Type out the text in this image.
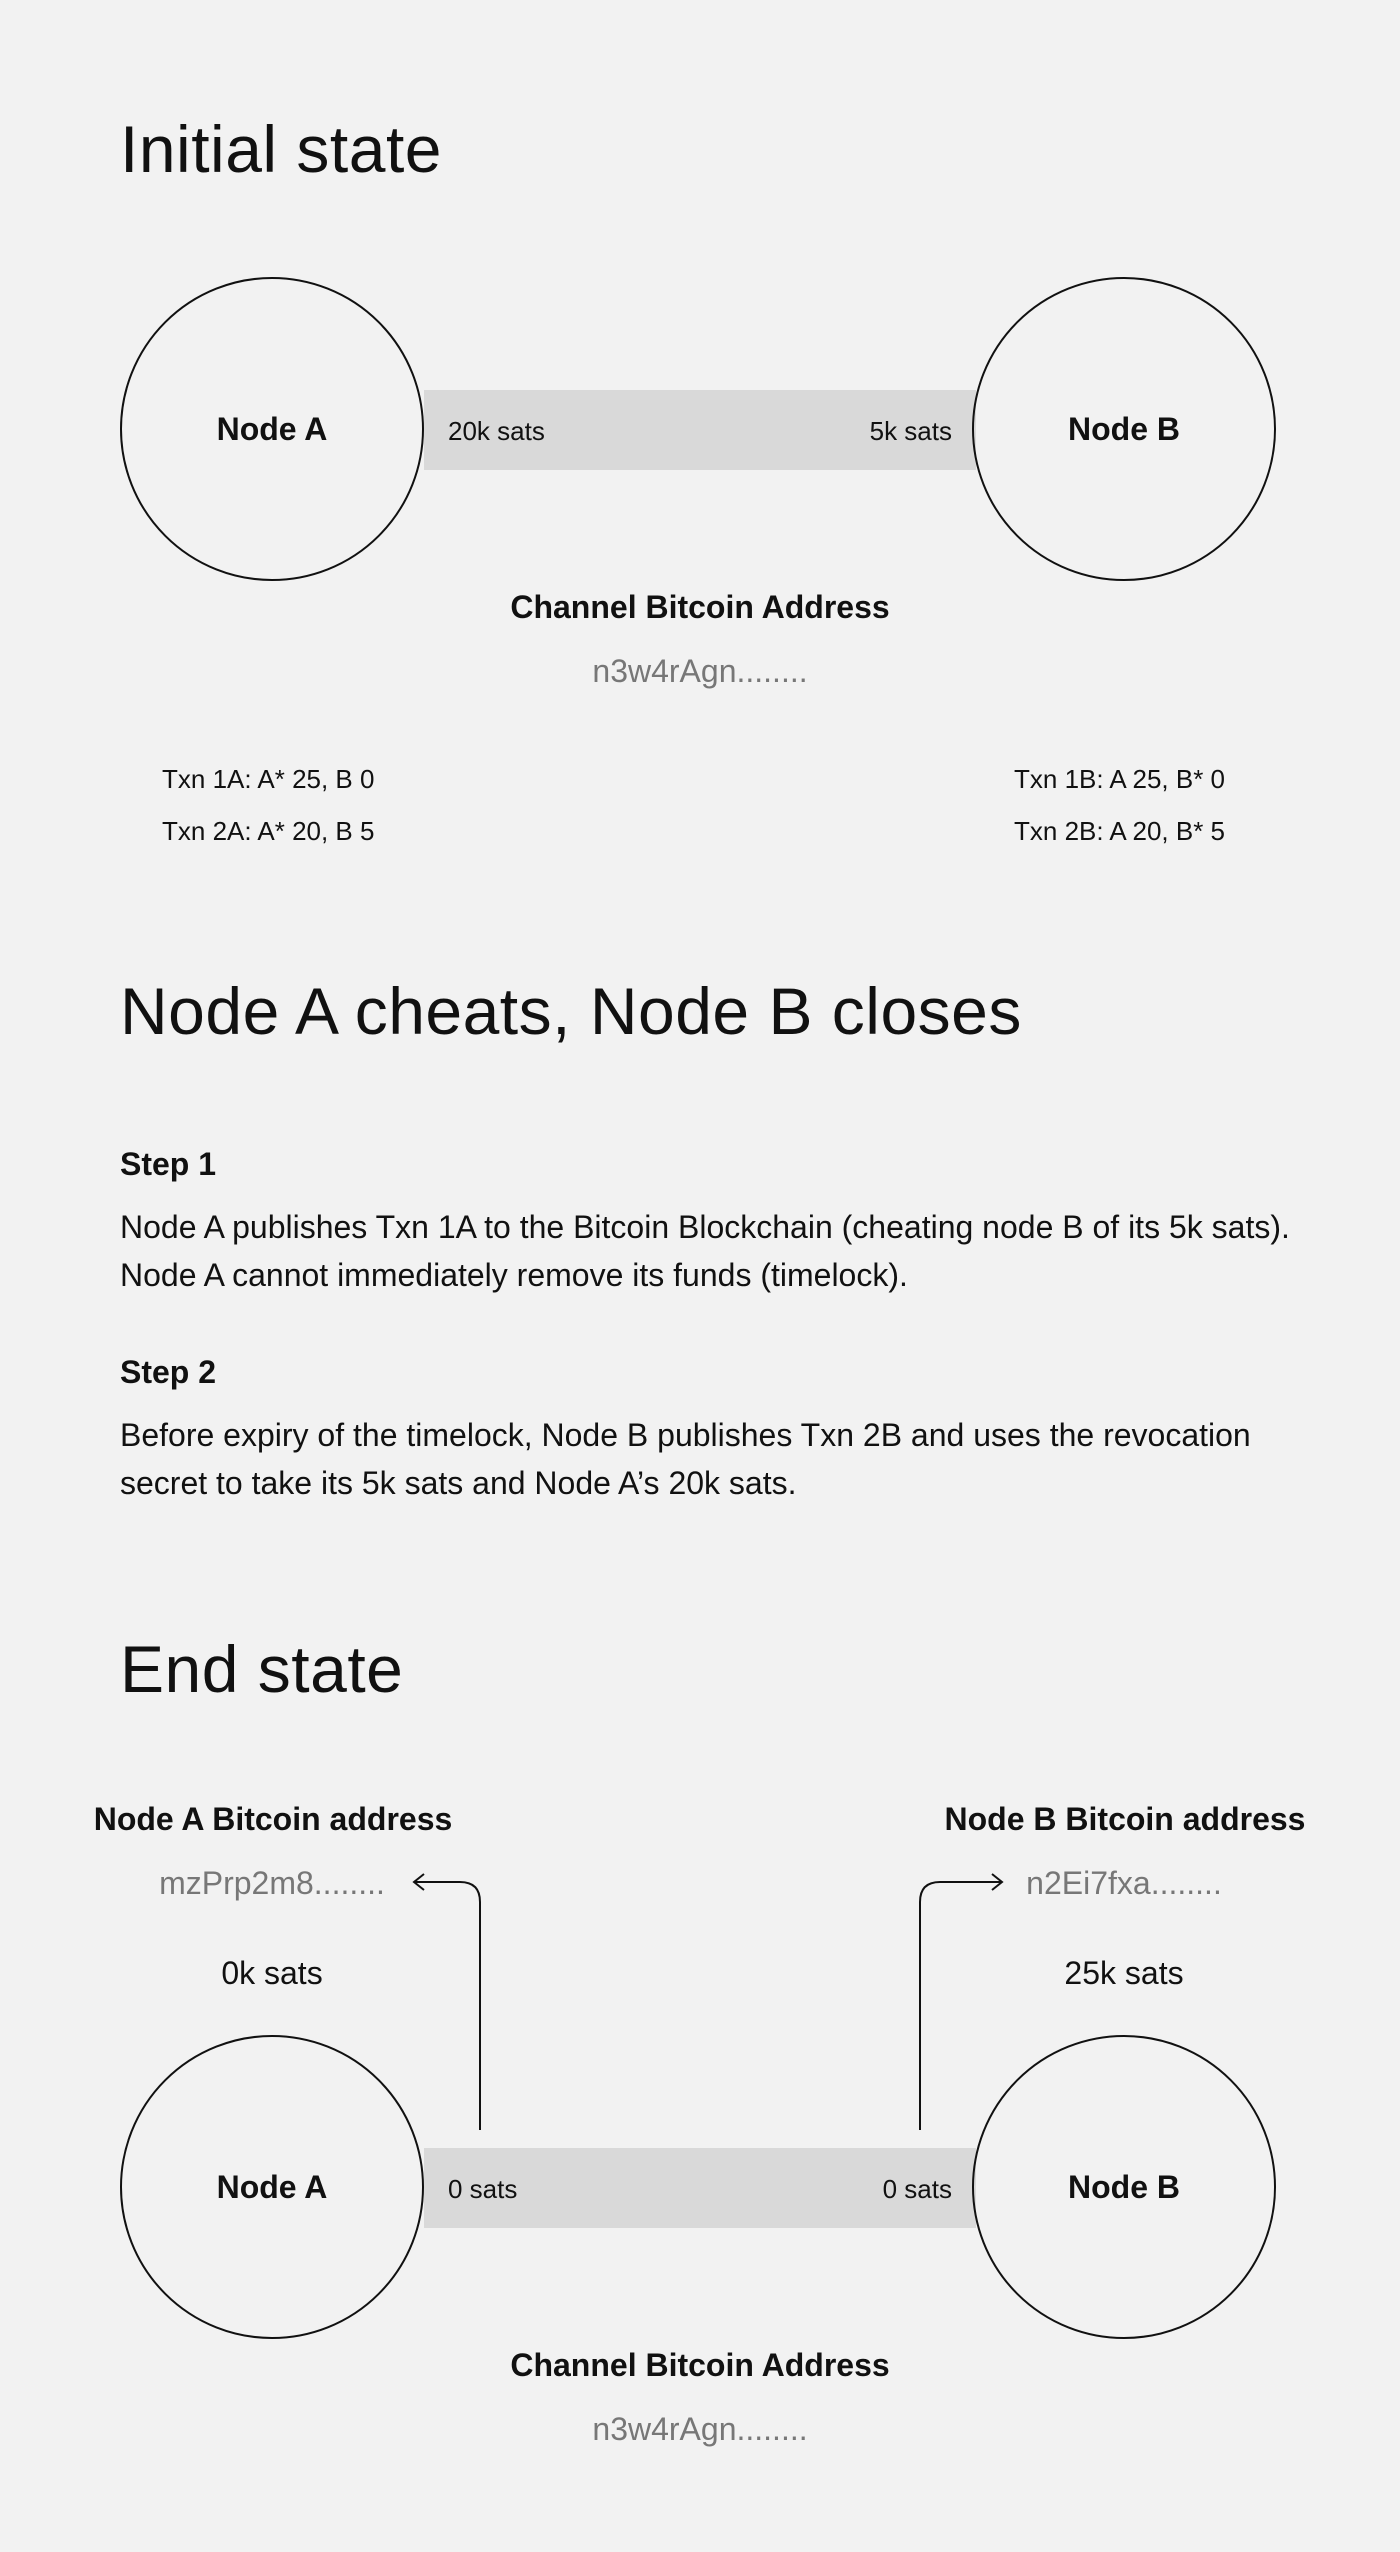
Initial state
20k sats	5k sats
Node A	Node B
Channel Bitcoin Address
n3w4rAgn........
Txn 1A: A* 25, B 0
Txn 2A: A* 20, B 5
Txn 1B: A 25, B* 0
Txn 2B: A 20, B* 5
Node A cheats, Node B closes
Step 1
Node A publishes Txn 1A to the Bitcoin Blockchain (cheating node B of its 5k sats). Node A cannot immediately remove its funds (timelock).
Step 2
Before expiry of the timelock, Node B publishes Txn 2B and uses the revocation secret to take its 5k sats and Node A’s 20k sats.
End state
Node A Bitcoin address
mzPrp2m8........
0k sats
Node B Bitcoin address
n2Ei7fxa........
25k sats
0 sats	0 sats
Node A	Node B
Channel Bitcoin Address
n3w4rAgn........
